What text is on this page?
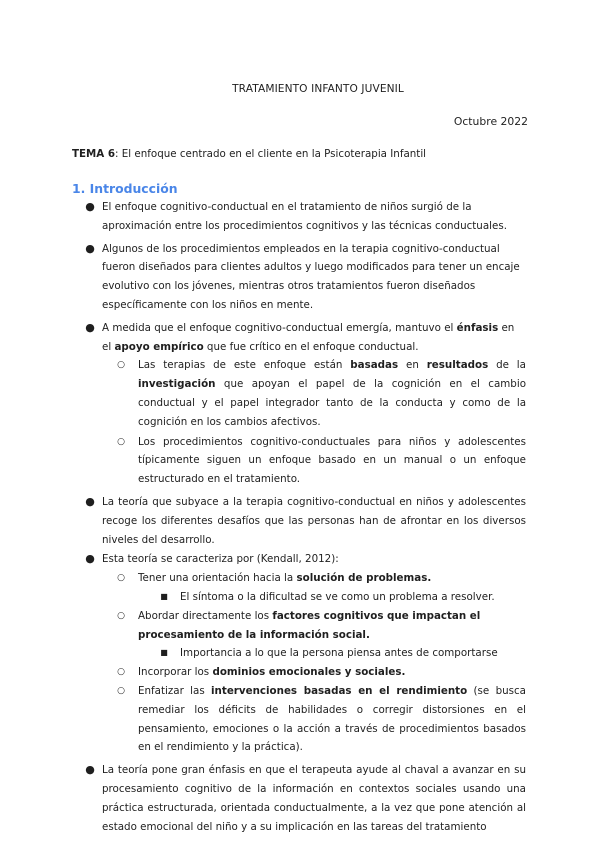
TRATAMIENTO INFANTO JUVENIL
Octubre 2022
TEMA 6: El enfoque centrado en el cliente en la Psicoterapia Infantil
1. Introducción
● El enfoque cognitivo-conductual en el tratamiento de niños surgió de la aproximación entre los procedimientos cognitivos y las técnicas conductuales.
● Algunos de los procedimientos empleados en la terapia cognitivo-conductual fueron diseñados para clientes adultos y luego modificados para tener un encaje evolutivo con los jóvenes, mientras otros tratamientos fueron diseñados específicamente con los niños en mente.
● A medida que el enfoque cognitivo-conductual emergía, mantuvo el énfasis en el apoyo empírico que fue crítico en el enfoque conductual.
○ Las terapias de este enfoque están basadas en resultados de la investigación que apoyan el papel de la cognición en el cambio conductual y el papel integrador tanto de la conducta y como de la cognición en los cambios afectivos.
○ Los procedimientos cognitivo-conductuales para niños y adolescentes típicamente siguen un enfoque basado en un manual o un enfoque estructurado en el tratamiento.
● La teoría que subyace a la terapia cognitivo-conductual en niños y adolescentes recoge los diferentes desafíos que las personas han de afrontar en los diversos niveles del desarrollo.
● Esta teoría se caracteriza por (Kendall, 2012):
○ Tener una orientación hacia la solución de problemas.
■ El síntoma o la dificultad se ve como un problema a resolver.
○ Abordar directamente los factores cognitivos que impactan el procesamiento de la información social.
■ Importancia a lo que la persona piensa antes de comportarse
○ Incorporar los dominios emocionales y sociales.
○ Enfatizar las intervenciones basadas en el rendimiento (se busca remediar los déficits de habilidades o corregir distorsiones en el pensamiento, emociones o la acción a través de procedimientos basados en el rendimiento y la práctica).
● La teoría pone gran énfasis en que el terapeuta ayude al chaval a avanzar en su procesamiento cognitivo de la información en contextos sociales usando una práctica estructurada, orientada conductualmente, a la vez que pone atención al estado emocional del niño y a su implicación en las tareas del tratamiento
